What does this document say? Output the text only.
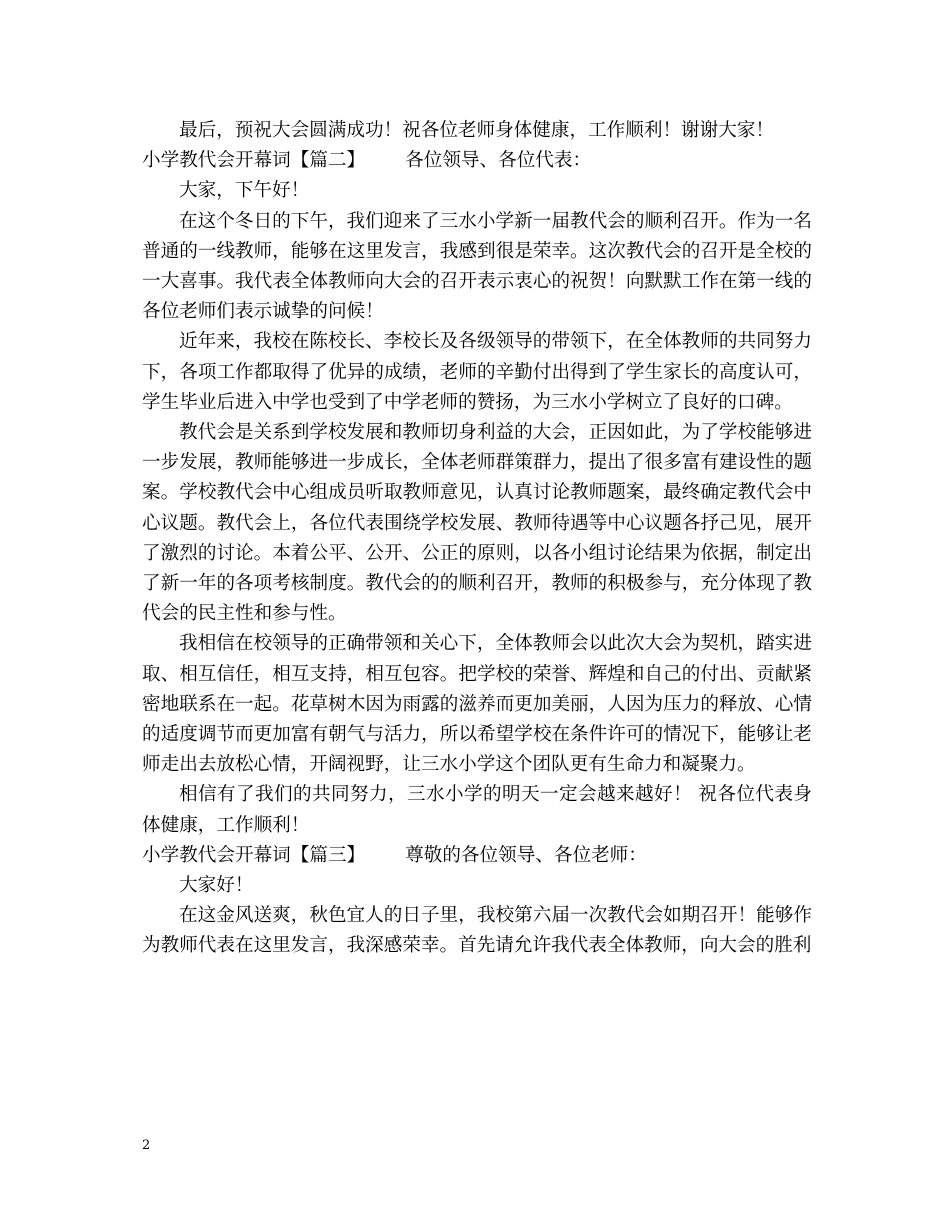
最后，预祝大会圆满成功！祝各位老师身体健康，工作顺利！谢谢大家！

小学教代会开幕词【篇二】 各位领导、各位代表：

大家，下午好！

在这个冬日的下午，我们迎来了三水小学新一届教代会的顺利召开。作为一名普通的一线教师，能够在这里发言，我感到很是荣幸。这次教代会的召开是全校的一大喜事。我代表全体教师向大会的召开表示衷心的祝贺！向默默工作在第一线的各位老师们表示诚挚的问候！

近年来，我校在陈校长、李校长及各级领导的带领下，在全体教师的共同努力下，各项工作都取得了优异的成绩，老师的辛勤付出得到了学生家长的高度认可，学生毕业后进入中学也受到了中学老师的赞扬，为三水小学树立了良好的口碑。

教代会是关系到学校发展和教师切身利益的大会，正因如此，为了学校能够进一步发展，教师能够进一步成长，全体老师群策群力，提出了很多富有建设性的题案。学校教代会中心组成员听取教师意见，认真讨论教师题案，最终确定教代会中心议题。教代会上，各位代表围绕学校发展、教师待遇等中心议题各抒己见，展开了激烈的讨论。本着公平、公开、公正的原则，以各小组讨论结果为依据，制定出了新一年的各项考核制度。教代会的的顺利召开，教师的积极参与，充分体现了教代会的民主性和参与性。

我相信在校领导的正确带领和关心下，全体教师会以此次大会为契机，踏实进取、相互信任，相互支持，相互包容。把学校的荣誉、辉煌和自己的付出、贡献紧密地联系在一起。花草树木因为雨露的滋养而更加美丽，人因为压力的释放、心情的适度调节而更加富有朝气与活力，所以希望学校在条件许可的情况下，能够让老师走出去放松心情，开阔视野，让三水小学这个团队更有生命力和凝聚力。

相信有了我们的共同努力，三水小学的明天一定会越来越好！ 祝各位代表身体健康，工作顺利！

小学教代会开幕词【篇三】 尊敬的各位领导、各位老师：

大家好！

在这金风送爽，秋色宜人的日子里，我校第六届一次教代会如期召开！能够作为教师代表在这里发言，我深感荣幸。首先请允许我代表全体教师，向大会的胜利

2
